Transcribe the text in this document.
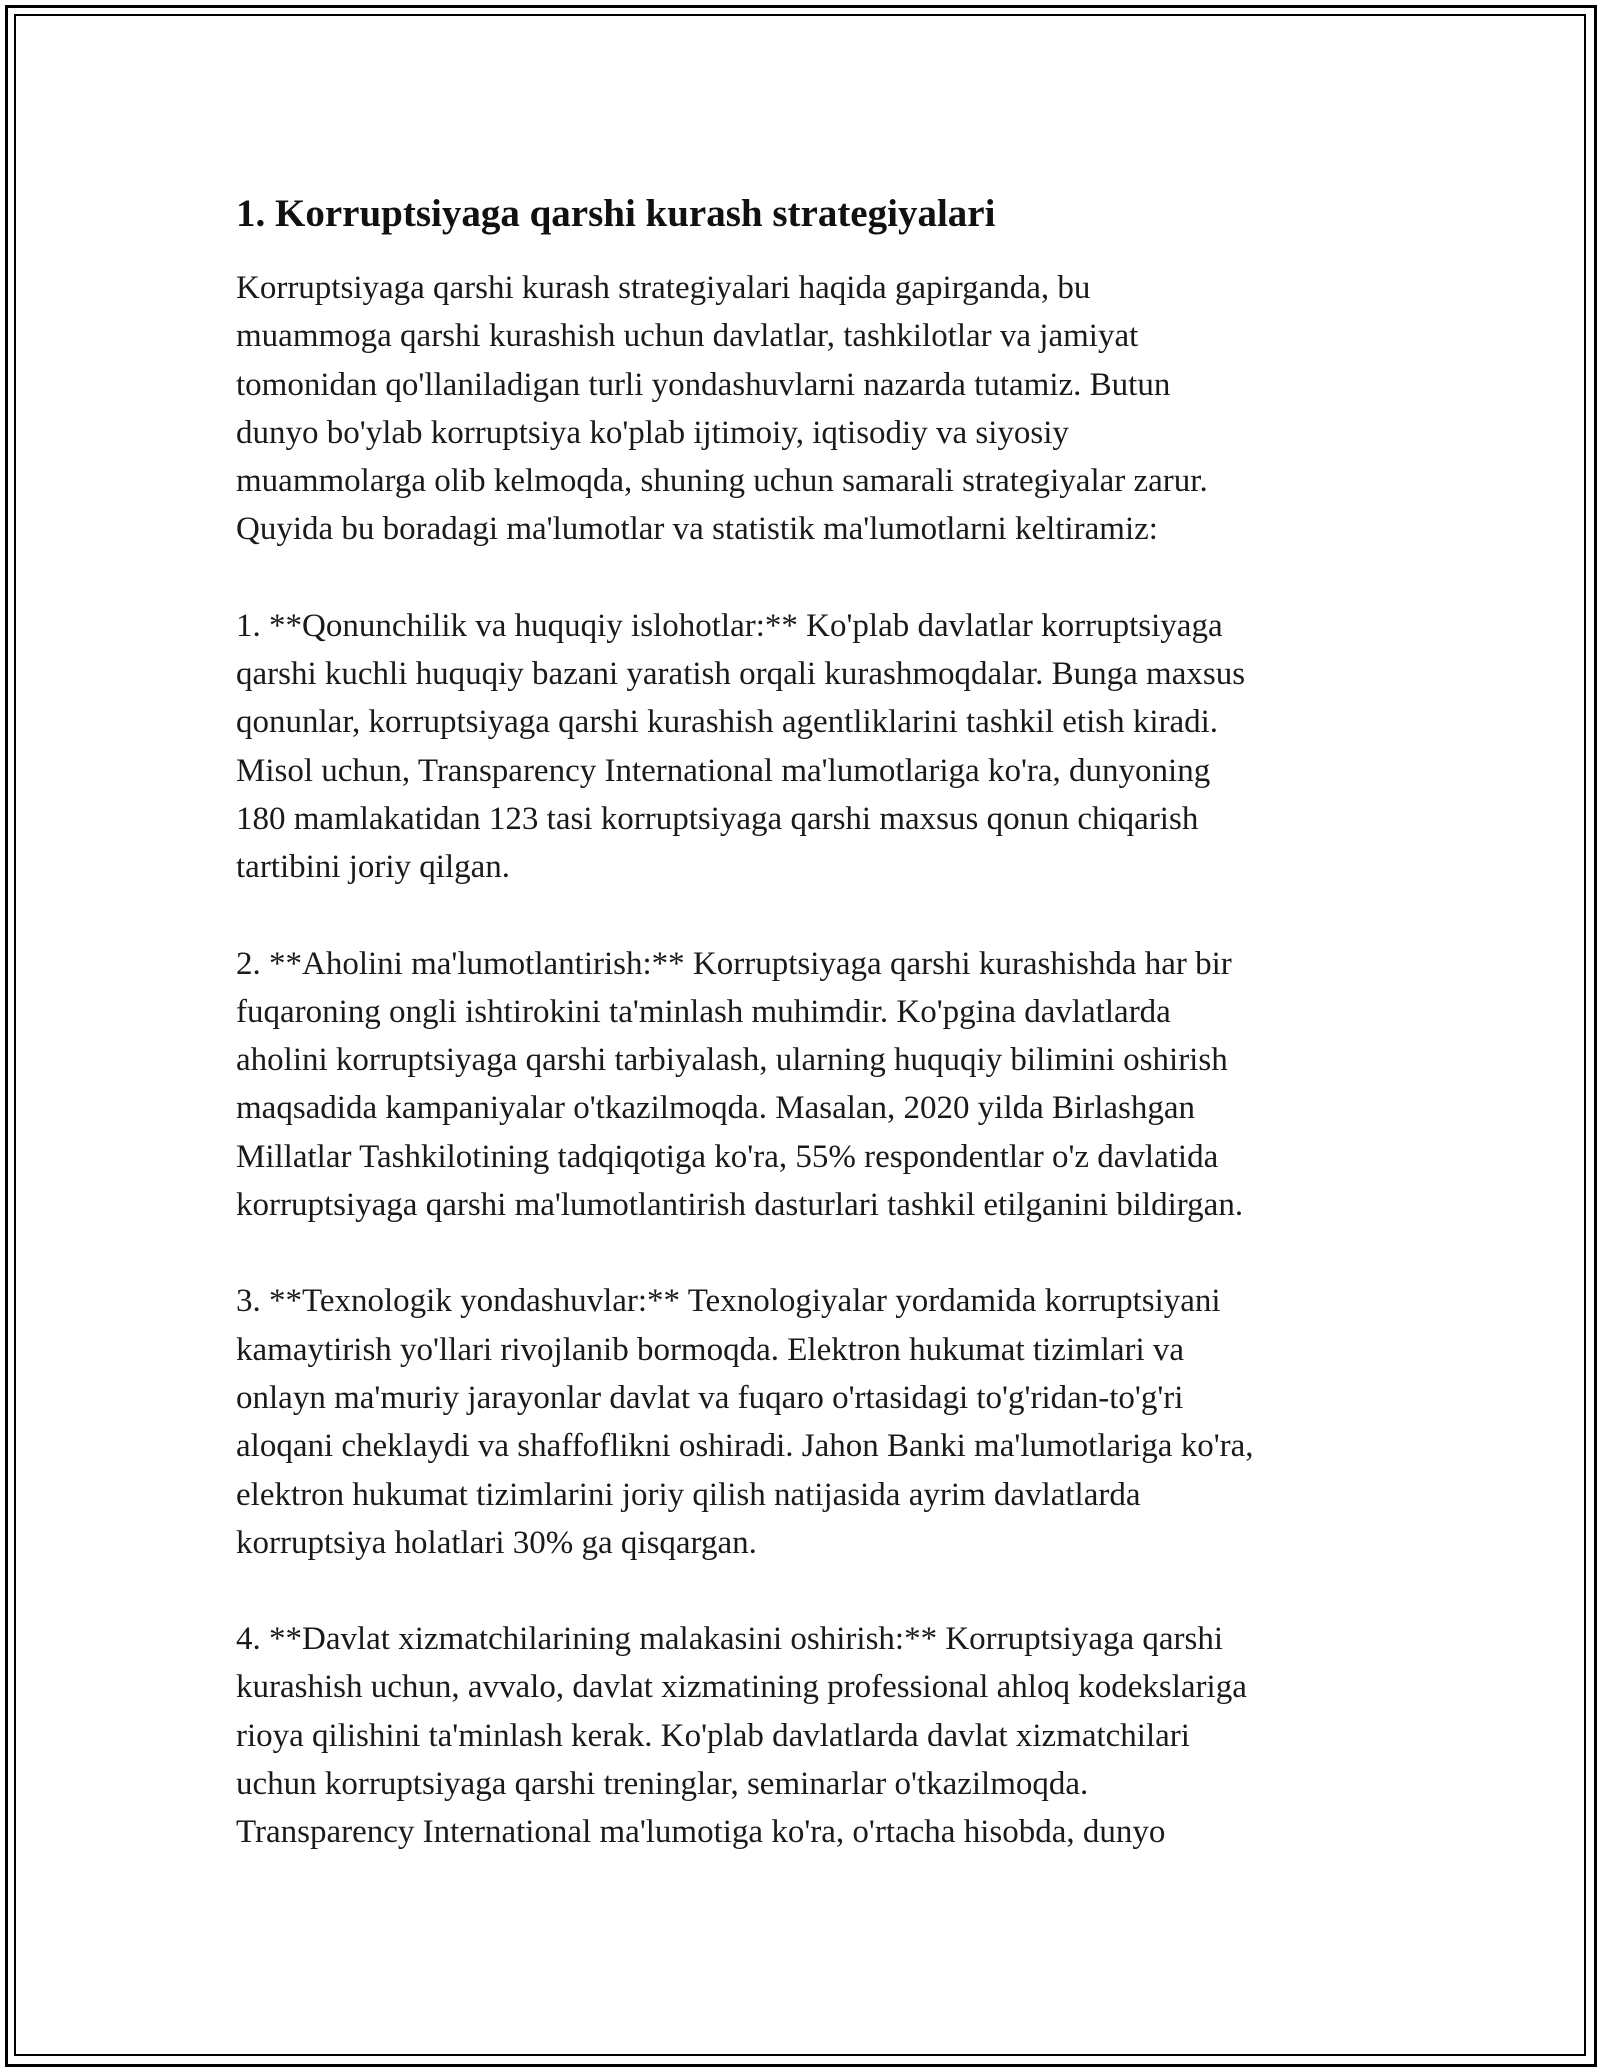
1. Korruptsiyaga qarshi kurash strategiyalari

Korruptsiyaga qarshi kurash strategiyalari haqida gapirganda, bu
muammoga qarshi kurashish uchun davlatlar, tashkilotlar va jamiyat
tomonidan qo'llaniladigan turli yondashuvlarni nazarda tutamiz. Butun
dunyo bo'ylab korruptsiya ko'plab ijtimoiy, iqtisodiy va siyosiy
muammolarga olib kelmoqda, shuning uchun samarali strategiyalar zarur.
Quyida bu boradagi ma'lumotlar va statistik ma'lumotlarni keltiramiz:

1. **Qonunchilik va huquqiy islohotlar:** Ko'plab davlatlar korruptsiyaga
qarshi kuchli huquqiy bazani yaratish orqali kurashmoqdalar. Bunga maxsus
qonunlar, korruptsiyaga qarshi kurashish agentliklarini tashkil etish kiradi.
Misol uchun, Transparency International ma'lumotlariga ko'ra, dunyoning
180 mamlakatidan 123 tasi korruptsiyaga qarshi maxsus qonun chiqarish
tartibini joriy qilgan.

2. **Aholini ma'lumotlantirish:** Korruptsiyaga qarshi kurashishda har bir
fuqaroning ongli ishtirokini ta'minlash muhimdir. Ko'pgina davlatlarda
aholini korruptsiyaga qarshi tarbiyalash, ularning huquqiy bilimini oshirish
maqsadida kampaniyalar o'tkazilmoqda. Masalan, 2020 yilda Birlashgan
Millatlar Tashkilotining tadqiqotiga ko'ra, 55% respondentlar o'z davlatida
korruptsiyaga qarshi ma'lumotlantirish dasturlari tashkil etilganini bildirgan.

3. **Texnologik yondashuvlar:** Texnologiyalar yordamida korruptsiyani
kamaytirish yo'llari rivojlanib bormoqda. Elektron hukumat tizimlari va
onlayn ma'muriy jarayonlar davlat va fuqaro o'rtasidagi to'g'ridan-to'g'ri
aloqani cheklaydi va shaffoflikni oshiradi. Jahon Banki ma'lumotlariga ko'ra,
elektron hukumat tizimlarini joriy qilish natijasida ayrim davlatlarda
korruptsiya holatlari 30% ga qisqargan.

4. **Davlat xizmatchilarining malakasini oshirish:** Korruptsiyaga qarshi
kurashish uchun, avvalo, davlat xizmatining professional ahloq kodekslariga
rioya qilishini ta'minlash kerak. Ko'plab davlatlarda davlat xizmatchilari
uchun korruptsiyaga qarshi treninglar, seminarlar o'tkazilmoqda.
Transparency International ma'lumotiga ko'ra, o'rtacha hisobda, dunyo
